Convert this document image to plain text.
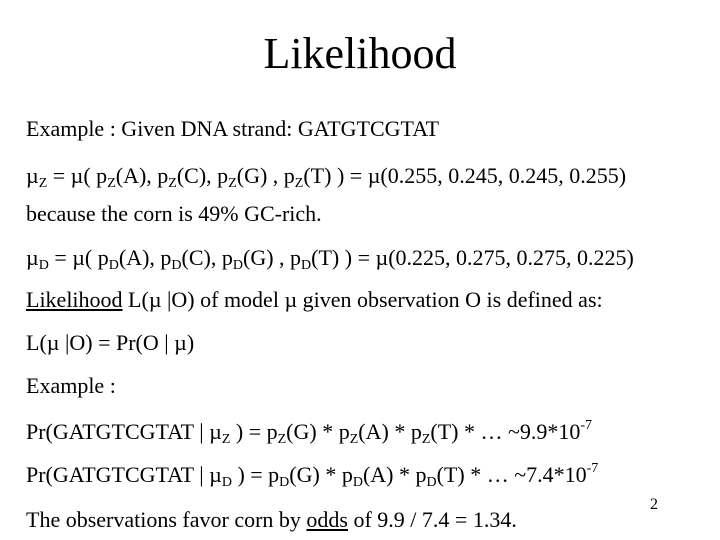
Likelihood
Example : Given DNA strand: GATGTCGTAT
µ$_Z$ = µ( $p_Z(A)$, $p_Z(C)$, $p_Z(G)$ , $p_Z(T)$ ) = µ(0.255, 0.245, 0.245, 0.255)
because the corn is 49% GC-rich.
µ$_D$ = µ( $p_D(A)$, $p_D(C)$, $p_D(G)$ , $p_D(T)$ ) = µ(0.225, 0.275, 0.275, 0.225)
Likelihood L(µ |O) of model µ given observation O is defined as:
L(µ |O) = Pr(O | µ)
Example :
Pr(GATGTCGTAT | µ$_Z$ ) = $p_Z(G) * p_Z(A) * p_Z(T)$ * … $\sim 9.9*10^{-7}$
Pr(GATGTCGTAT | µ$_D$ ) = $p_D(G) * p_D(A) * p_D(T)$ * … $\sim 7.4*10^{-7}$
The observations favor corn by odds of 9.9 / 7.4 = 1.34.
2
